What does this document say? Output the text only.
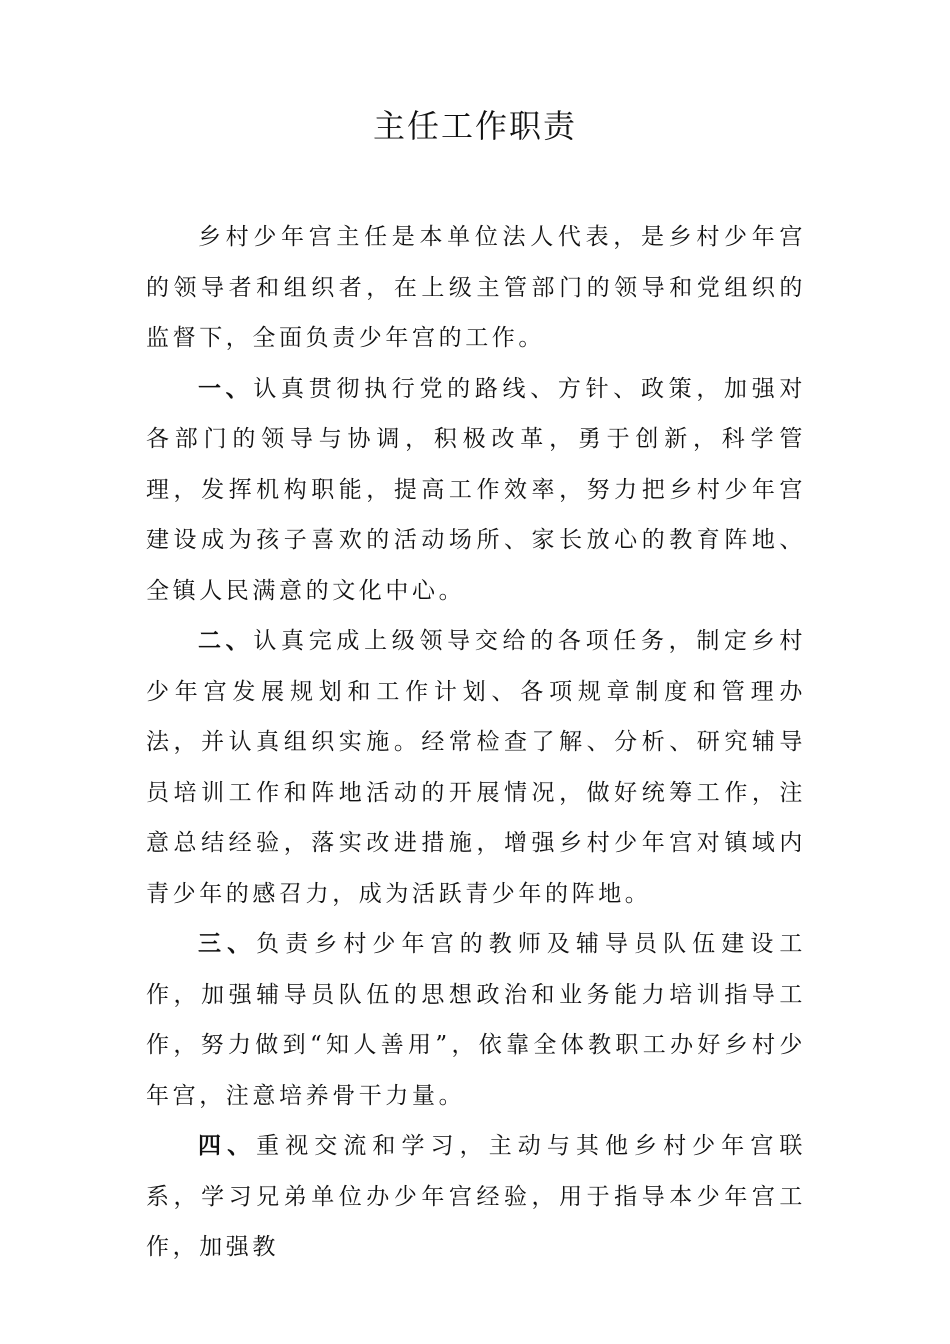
主任工作职责

乡村少年宫主任是本单位法人代表，是乡村少年宫的领导者和组织者，在上级主管部门的领导和党组织的监督下，全面负责少年宫的工作。

一、认真贯彻执行党的路线、方针、政策，加强对各部门的领导与协调，积极改革，勇于创新，科学管理，发挥机构职能，提高工作效率，努力把乡村少年宫建设成为孩子喜欢的活动场所、家长放心的教育阵地、全镇人民满意的文化中心。

二、认真完成上级领导交给的各项任务，制定乡村少年宫发展规划和工作计划、各项规章制度和管理办法，并认真组织实施。经常检查了解、分析、研究辅导员培训工作和阵地活动的开展情况，做好统筹工作，注意总结经验，落实改进措施，增强乡村少年宫对镇域内青少年的感召力，成为活跃青少年的阵地。

三、负责乡村少年宫的教师及辅导员队伍建设工作，加强辅导员队伍的思想政治和业务能力培训指导工作，努力做到“知人善用”，依靠全体教职工办好乡村少年宫，注意培养骨干力量。

四、重视交流和学习，主动与其他乡村少年宫联系，学习兄弟单位办少年宫经验，用于指导本少年宫工作，加强教
